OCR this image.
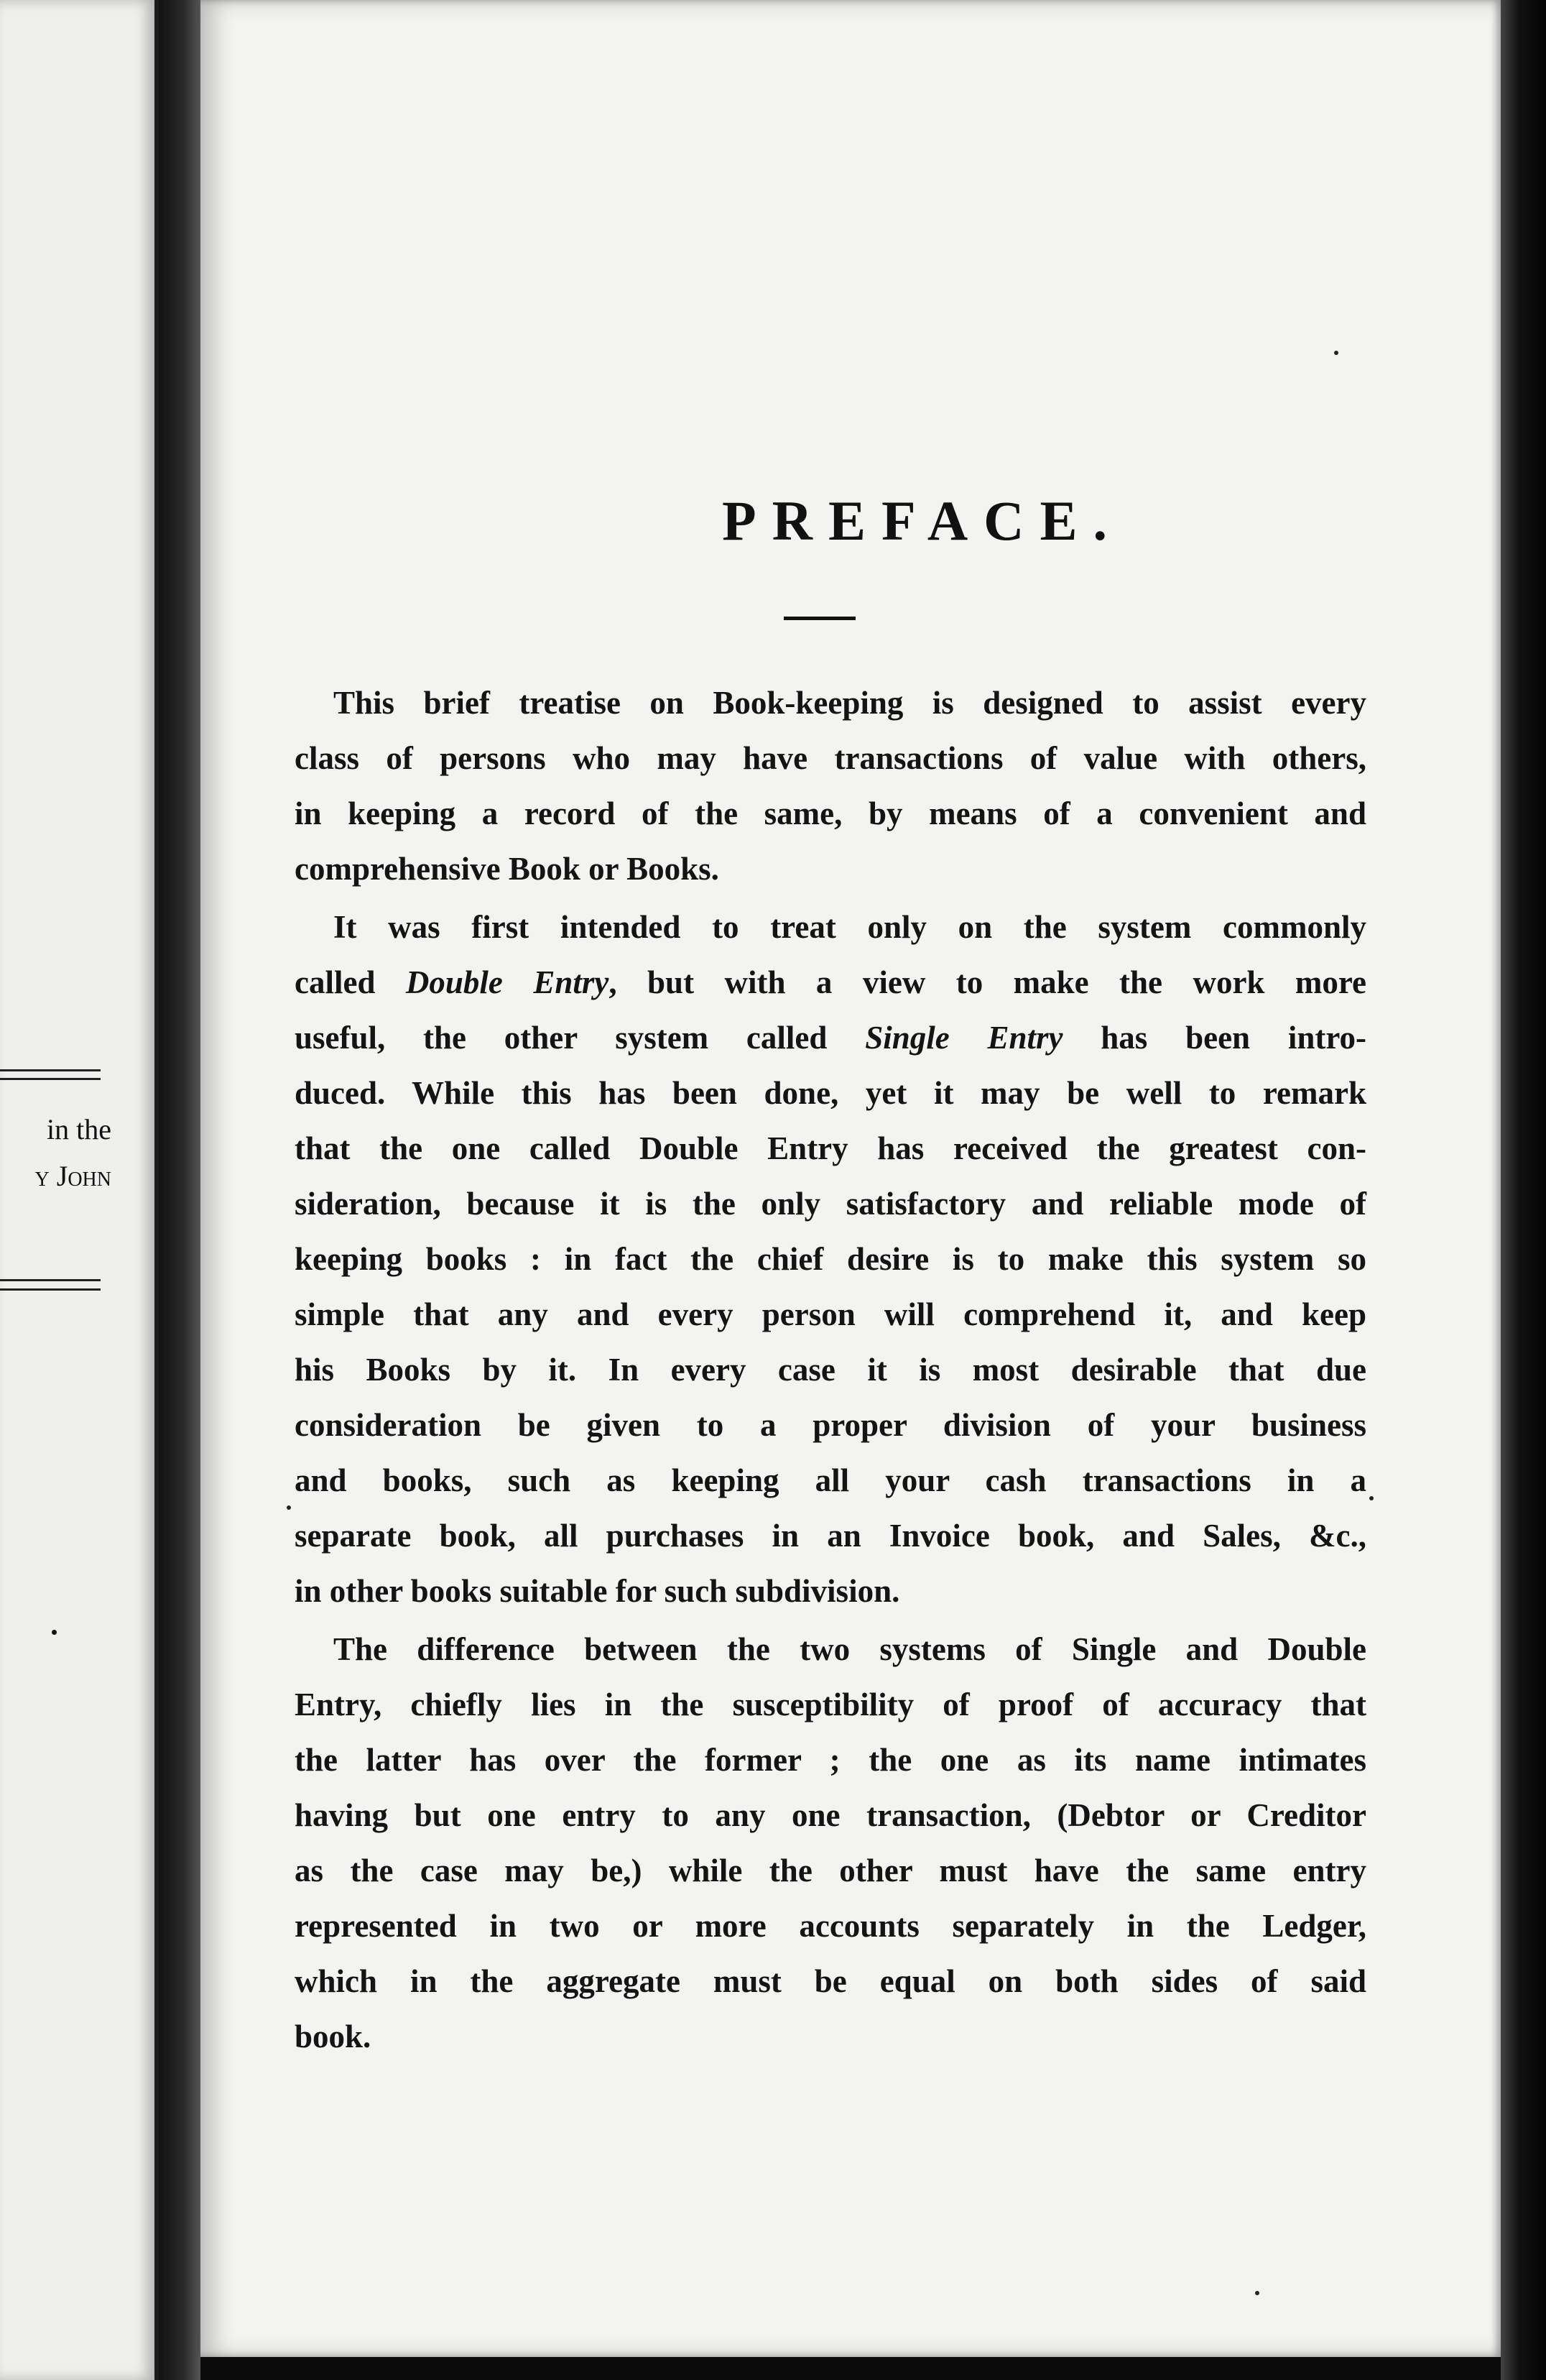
in the
y John
PREFACE.
This brief treatise on Book-keeping is designed to assist every
class of persons who may have transactions of value with others,
in keeping a record of the same, by means of a convenient and
comprehensive Book or Books.
It was first intended to treat only on the system commonly
called Double Entry, but with a view to make the work more
useful, the other system called Single Entry has been intro-
duced. While this has been done, yet it may be well to remark
that the one called Double Entry has received the greatest con-
sideration, because it is the only satisfactory and reliable mode of
keeping books : in fact the chief desire is to make this system so
simple that any and every person will comprehend it, and keep
his Books by it. In every case it is most desirable that due
consideration be given to a proper division of your business
and books, such as keeping all your cash transactions in a
separate book, all purchases in an Invoice book, and Sales, &c.,
in other books suitable for such subdivision.
The difference between the two systems of Single and Double
Entry, chiefly lies in the susceptibility of proof of accuracy that
the latter has over the former ; the one as its name intimates
having but one entry to any one transaction, (Debtor or Creditor
as the case may be,) while the other must have the same entry
represented in two or more accounts separately in the Ledger,
which in the aggregate must be equal on both sides of said
book.
